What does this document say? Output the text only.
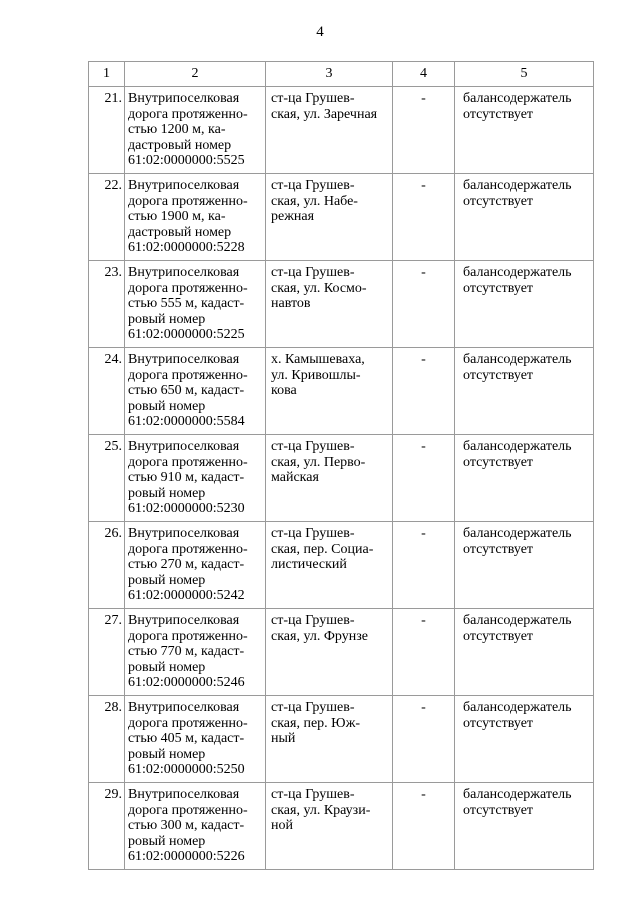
4
1	2	3	4	5
21.	Внутрипоселковая
дорога протяженно-
стью 1200 м, ка-
дастровый номер
61:02:0000000:5525	ст-ца Грушев-
ская, ул. Заречная	-	балансодержатель
отсутствует
22.	Внутрипоселковая
дорога протяженно-
стью 1900 м, ка-
дастровый номер
61:02:0000000:5228	ст-ца Грушев-
ская, ул. Набе-
режная	-	балансодержатель
отсутствует
23.	Внутрипоселковая
дорога протяженно-
стью 555 м, кадаст-
ровый номер
61:02:0000000:5225	ст-ца Грушев-
ская, ул. Космо-
навтов	-	балансодержатель
отсутствует
24.	Внутрипоселковая
дорога протяженно-
стью 650 м, кадаст-
ровый номер
61:02:0000000:5584	х. Камышеваха,
ул. Кривошлы-
кова	-	балансодержатель
отсутствует
25.	Внутрипоселковая
дорога протяженно-
стью 910 м, кадаст-
ровый номер
61:02:0000000:5230	ст-ца Грушев-
ская, ул. Перво-
майская	-	балансодержатель
отсутствует
26.	Внутрипоселковая
дорога протяженно-
стью 270 м, кадаст-
ровый номер
61:02:0000000:5242	ст-ца Грушев-
ская, пер. Социа-
листический	-	балансодержатель
отсутствует
27.	Внутрипоселковая
дорога протяженно-
стью 770 м, кадаст-
ровый номер
61:02:0000000:5246	ст-ца Грушев-
ская, ул. Фрунзе	-	балансодержатель
отсутствует
28.	Внутрипоселковая
дорога протяженно-
стью 405 м, кадаст-
ровый номер
61:02:0000000:5250	ст-ца Грушев-
ская, пер. Юж-
ный	-	балансодержатель
отсутствует
29.	Внутрипоселковая
дорога протяженно-
стью 300 м, кадаст-
ровый номер
61:02:0000000:5226	ст-ца Грушев-
ская, ул. Краузи-
ной	-	балансодержатель
отсутствует
